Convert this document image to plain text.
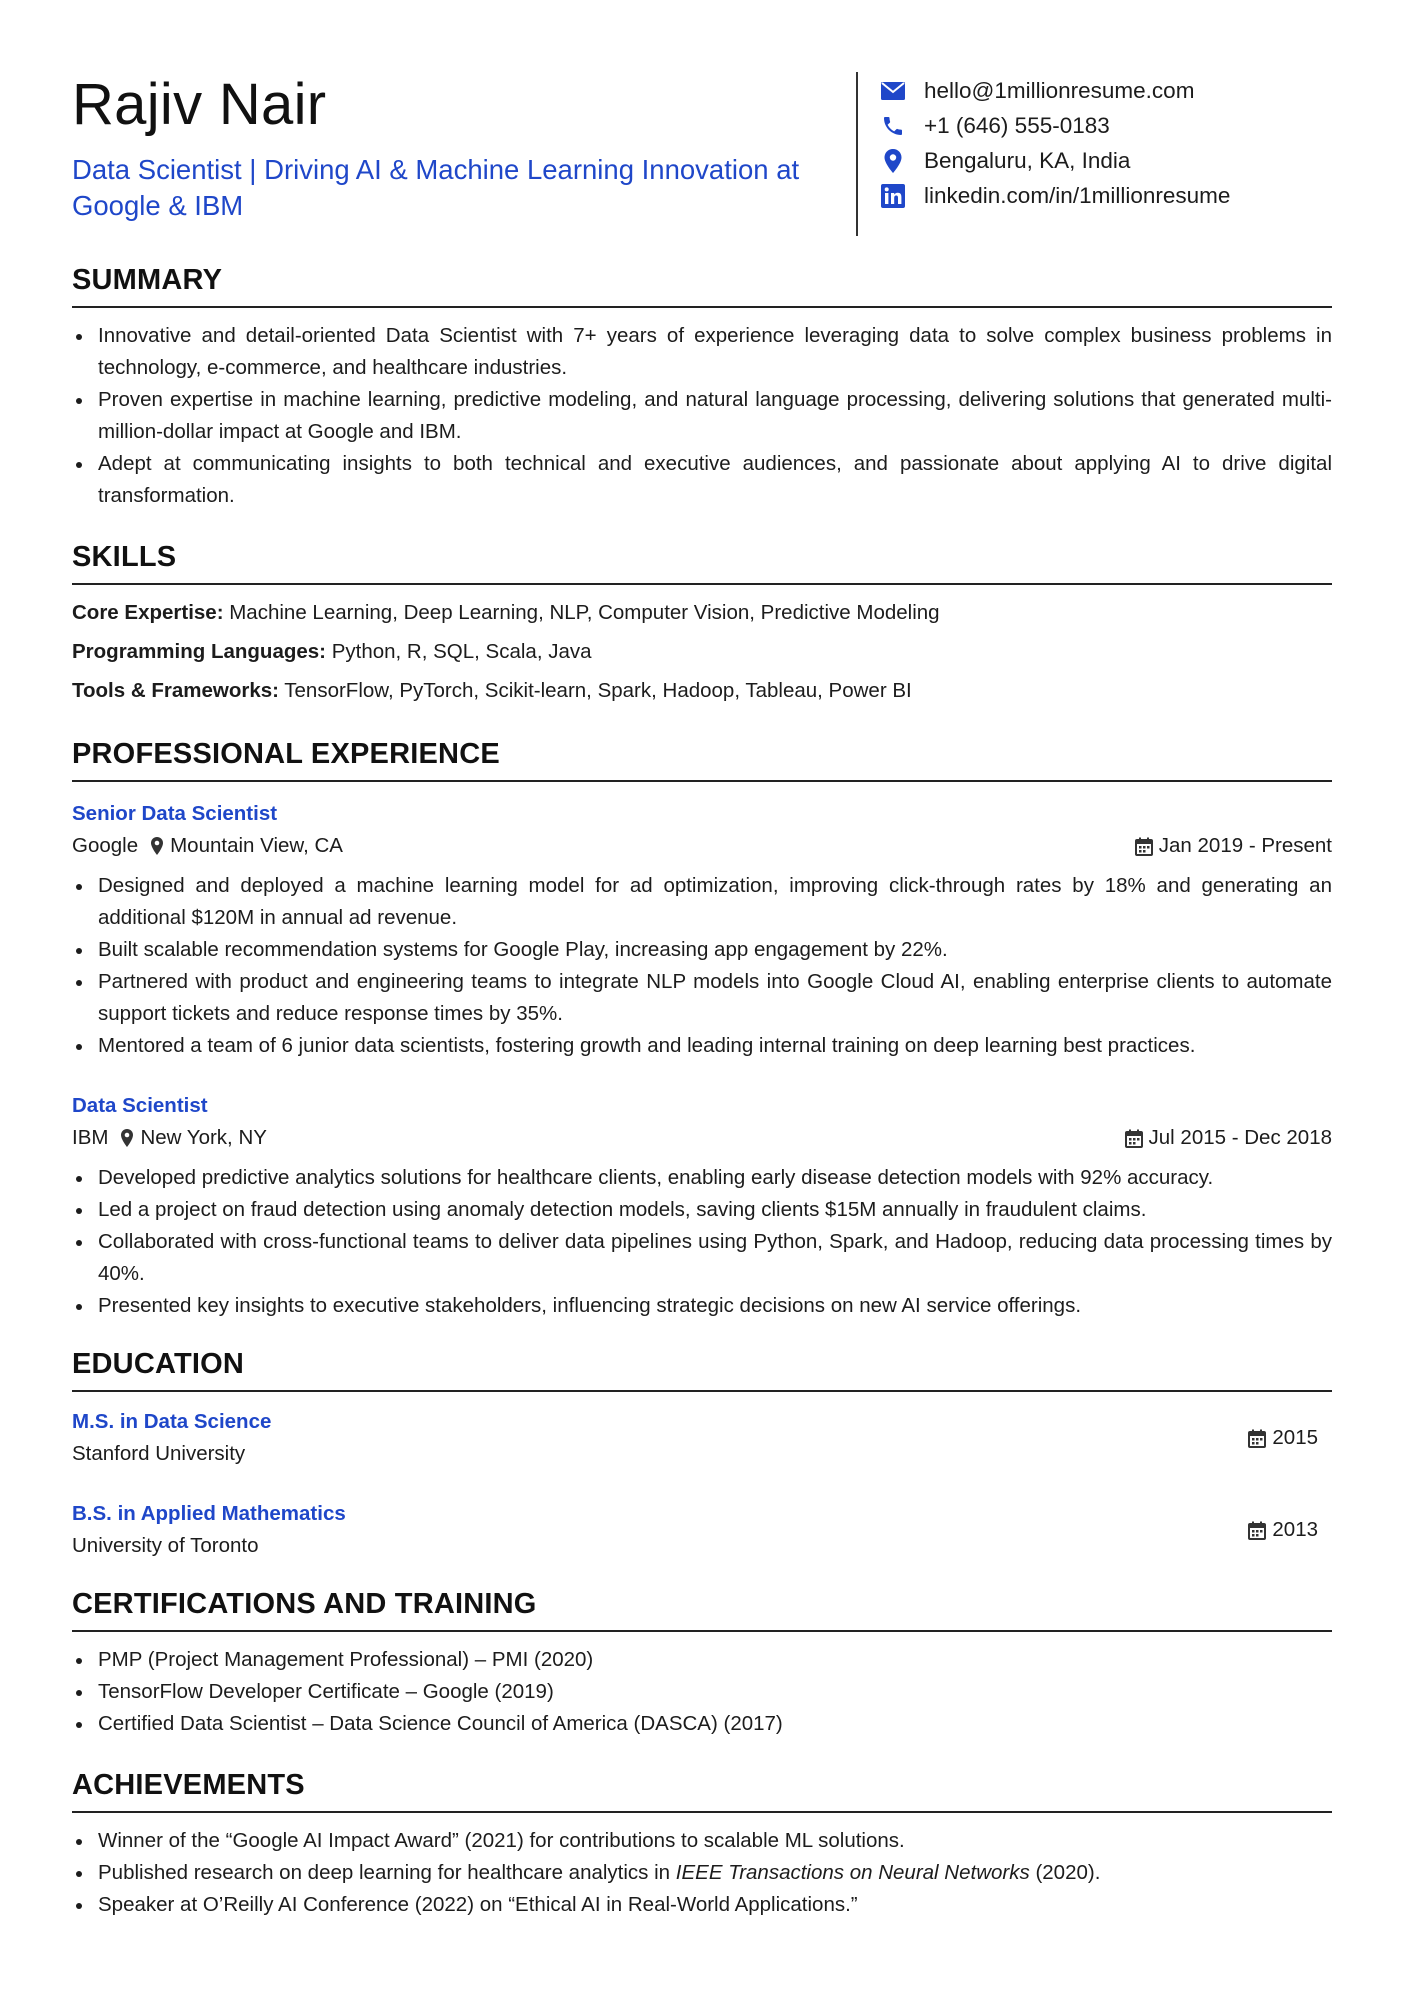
Rajiv Nair
Data Scientist | Driving AI & Machine Learning Innovation at Google & IBM
hello@1millionresume.com
+1 (646) 555-0183
Bengaluru, KA, India
linkedin.com/in/1millionresume
SUMMARY
Innovative and detail-oriented Data Scientist with 7+ years of experience leveraging data to solve complex business problems in technology, e-commerce, and healthcare industries.
Proven expertise in machine learning, predictive modeling, and natural language processing, delivering solutions that generated multi-million-dollar impact at Google and IBM.
Adept at communicating insights to both technical and executive audiences, and passionate about applying AI to drive digital transformation.
SKILLS
Core Expertise: Machine Learning, Deep Learning, NLP, Computer Vision, Predictive Modeling
Programming Languages: Python, R, SQL, Scala, Java
Tools & Frameworks: TensorFlow, PyTorch, Scikit-learn, Spark, Hadoop, Tableau, Power BI
PROFESSIONAL EXPERIENCE
Senior Data Scientist
Google Mountain View, CA	Jan 2019 - Present
Designed and deployed a machine learning model for ad optimization, improving click-through rates by 18% and generating an additional $120M in annual ad revenue.
Built scalable recommendation systems for Google Play, increasing app engagement by 22%.
Partnered with product and engineering teams to integrate NLP models into Google Cloud AI, enabling enterprise clients to automate support tickets and reduce response times by 35%.
Mentored a team of 6 junior data scientists, fostering growth and leading internal training on deep learning best practices.
Data Scientist
IBM New York, NY	Jul 2015 - Dec 2018
Developed predictive analytics solutions for healthcare clients, enabling early disease detection models with 92% accuracy.
Led a project on fraud detection using anomaly detection models, saving clients $15M annually in fraudulent claims.
Collaborated with cross-functional teams to deliver data pipelines using Python, Spark, and Hadoop, reducing data processing times by 40%.
Presented key insights to executive stakeholders, influencing strategic decisions on new AI service offerings.
EDUCATION
M.S. in Data Science
Stanford University
2015
B.S. in Applied Mathematics
University of Toronto
2013
CERTIFICATIONS AND TRAINING
PMP (Project Management Professional) – PMI (2020)
TensorFlow Developer Certificate – Google (2019)
Certified Data Scientist – Data Science Council of America (DASCA) (2017)
ACHIEVEMENTS
Winner of the “Google AI Impact Award” (2021) for contributions to scalable ML solutions.
Published research on deep learning for healthcare analytics in IEEE Transactions on Neural Networks (2020).
Speaker at O’Reilly AI Conference (2022) on “Ethical AI in Real-World Applications.”
